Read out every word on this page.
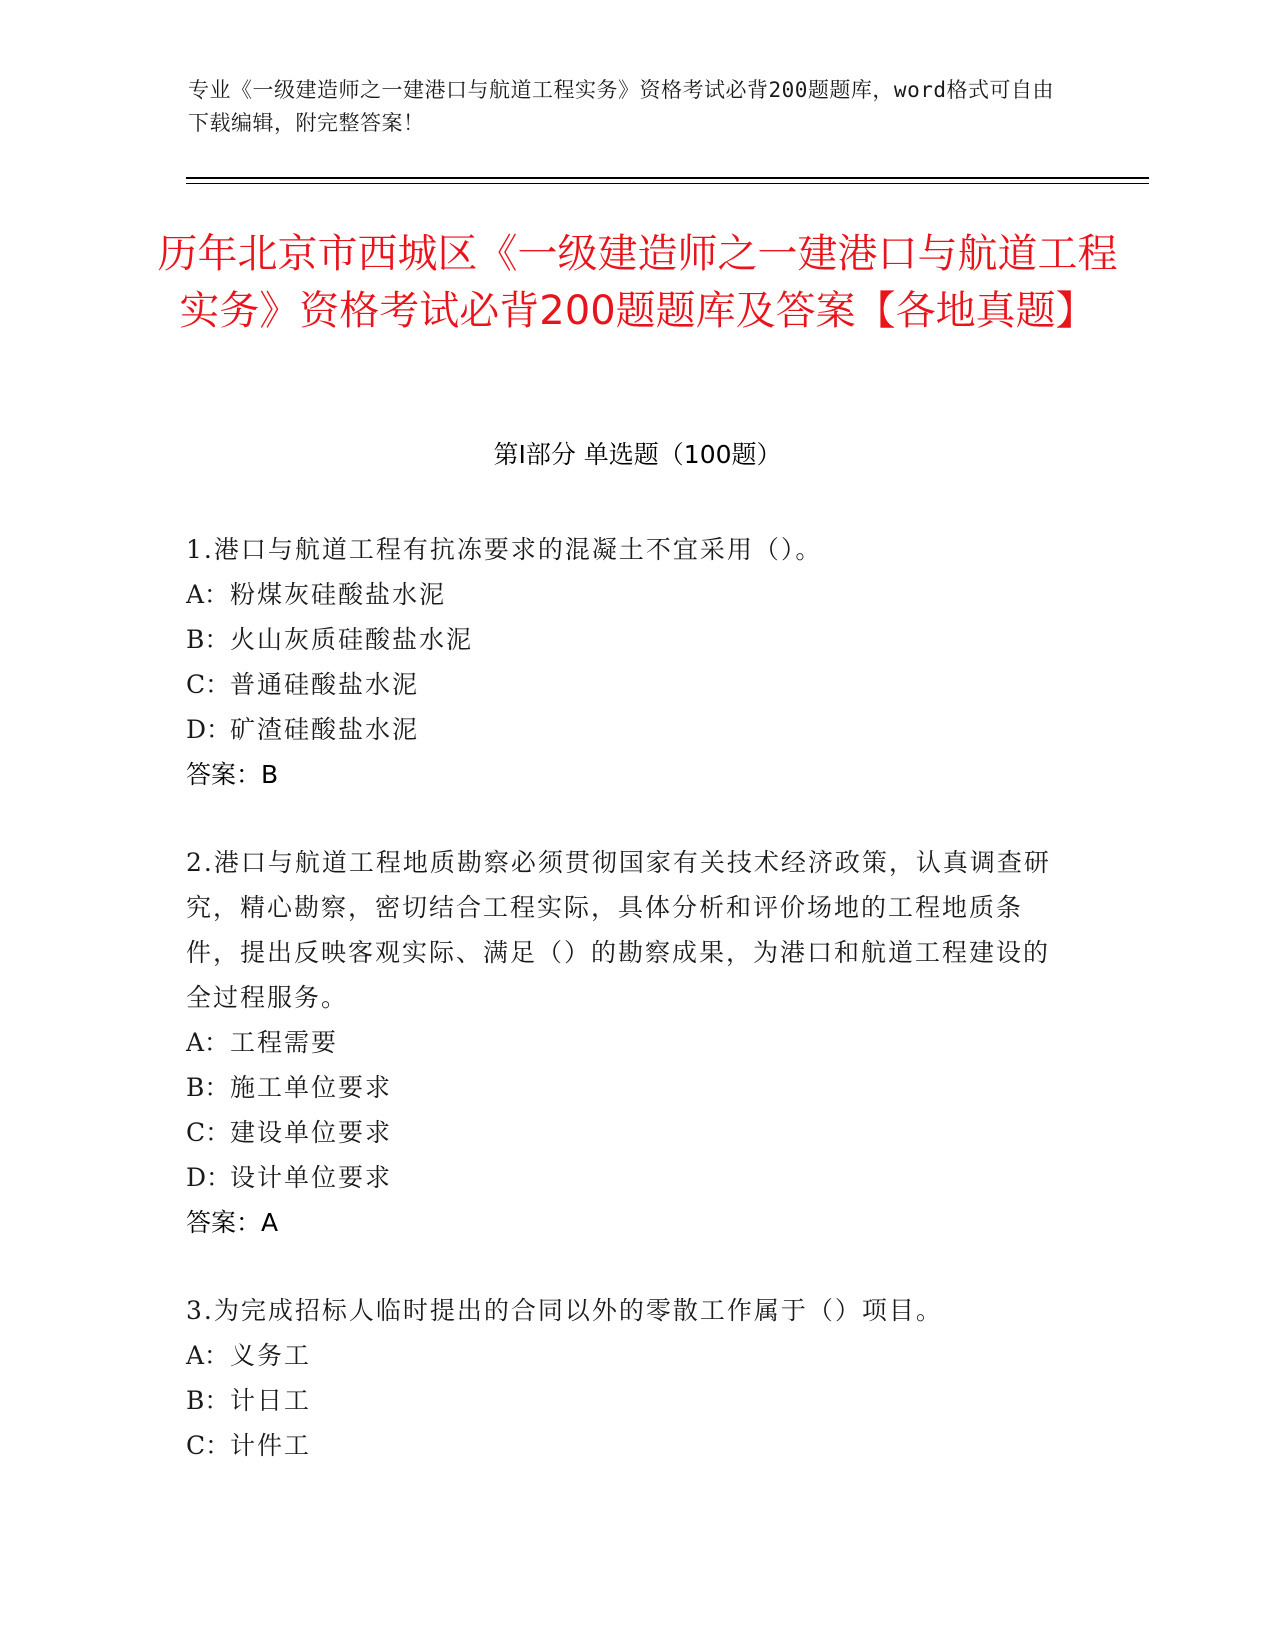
专业《一级建造师之一建港口与航道工程实务》资格考试必背200题题库，word格式可自由下载编辑，附完整答案！
历年北京市西城区《一级建造师之一建港口与航道工程实务》资格考试必背200题题库及答案【各地真题】
第Ⅰ部分 单选题（100题）
1.港口与航道工程有抗冻要求的混凝土不宜采用（）。
A：粉煤灰硅酸盐水泥
B：火山灰质硅酸盐水泥
C：普通硅酸盐水泥
D：矿渣硅酸盐水泥
答案：B
2.港口与航道工程地质勘察必须贯彻国家有关技术经济政策，认真调查研究，精心勘察，密切结合工程实际，具体分析和评价场地的工程地质条件，提出反映客观实际、满足（）的勘察成果，为港口和航道工程建设的全过程服务。
A：工程需要
B：施工单位要求
C：建设单位要求
D：设计单位要求
答案：A
3.为完成招标人临时提出的合同以外的零散工作属于（）项目。
A：义务工
B：计日工
C：计件工
